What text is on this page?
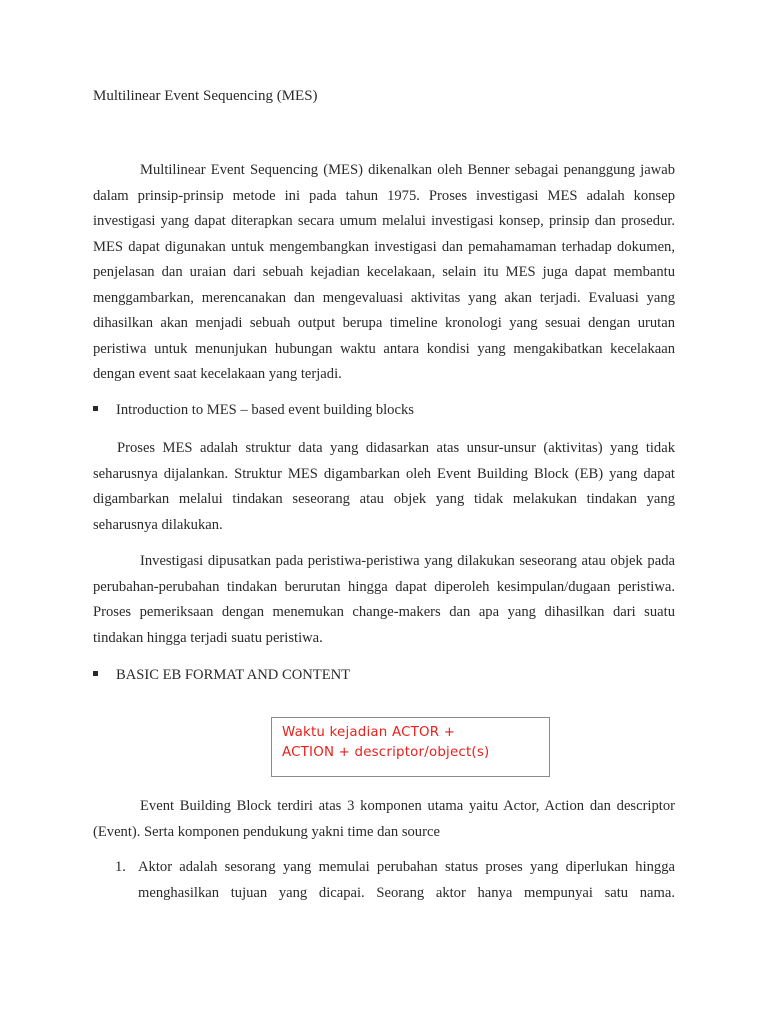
Multilinear Event Sequencing (MES)

Multilinear Event Sequencing (MES) dikenalkan oleh Benner sebagai penanggung jawab dalam prinsip-prinsip metode ini pada tahun 1975. Proses investigasi MES adalah konsep investigasi yang dapat diterapkan secara umum melalui investigasi konsep, prinsip dan prosedur. MES dapat digunakan untuk mengembangkan investigasi dan pemahamaman terhadap dokumen, penjelasan dan uraian dari sebuah kejadian kecelakaan, selain itu MES juga dapat membantu menggambarkan, merencanakan dan mengevaluasi aktivitas yang akan terjadi. Evaluasi yang dihasilkan akan menjadi sebuah output berupa timeline kronologi yang sesuai dengan urutan peristiwa untuk menunjukan hubungan waktu antara kondisi yang mengakibatkan kecelakaan dengan event saat kecelakaan yang terjadi.

Introduction to MES – based event building blocks

Proses MES adalah struktur data yang didasarkan atas unsur-unsur (aktivitas) yang tidak seharusnya dijalankan. Struktur MES digambarkan oleh Event Building Block (EB) yang dapat digambarkan melalui tindakan seseorang atau objek yang tidak melakukan tindakan yang seharusnya dilakukan.

Investigasi dipusatkan pada peristiwa-peristiwa yang dilakukan seseorang atau objek pada perubahan-perubahan tindakan berurutan hingga dapat diperoleh kesimpulan/dugaan peristiwa. Proses pemeriksaan dengan menemukan change-makers dan apa yang dihasilkan dari suatu tindakan hingga terjadi suatu peristiwa.

BASIC EB FORMAT AND CONTENT
Waktu kejadian ACTOR +
ACTION + descriptor/object(s)

Event Building Block terdiri atas 3 komponen utama yaitu Actor, Action dan descriptor (Event). Serta komponen pendukung yakni time dan source

1. Aktor adalah sesorang yang memulai perubahan status proses yang diperlukan hingga menghasilkan tujuan yang dicapai. Seorang aktor hanya mempunyai satu nama.
